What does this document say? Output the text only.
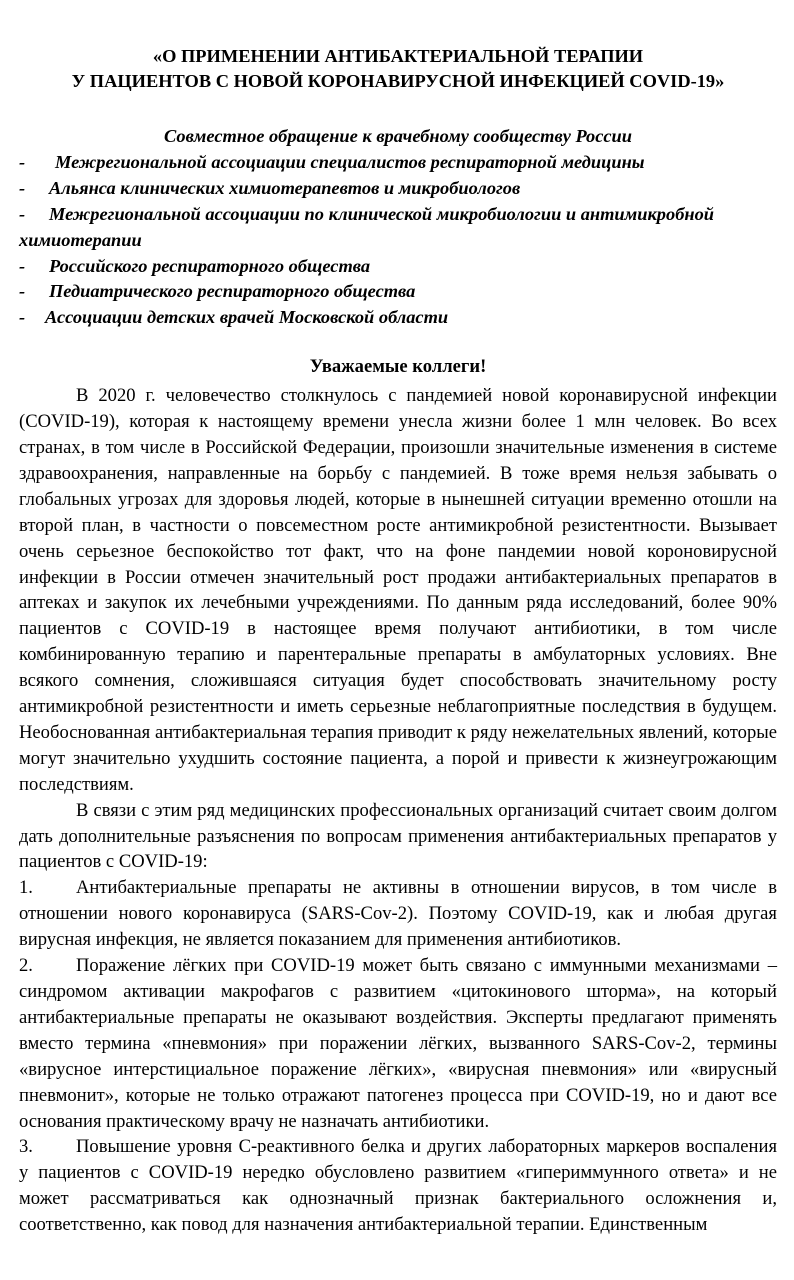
«О ПРИМЕНЕНИИ АНТИБАКТЕРИАЛЬНОЙ ТЕРАПИИ
У ПАЦИЕНТОВ С НОВОЙ КОРОНАВИРУСНОЙ ИНФЕКЦИЕЙ COVID-19»
Совместное обращение к врачебному сообществу России
- Межрегиональной ассоциации специалистов респираторной медицины
- Альянса клинических химиотерапевтов и микробиологов
- Межрегиональной ассоциации по клинической микробиологии и антимикробной химиотерапии
- Российского респираторного общества
- Педиатрического респираторного общества
- Ассоциации детских врачей Московской области
Уважаемые коллеги!

В 2020 г. человечество столкнулось с пандемией новой коронавирусной инфекции (COVID-19), которая к настоящему времени унесла жизни более 1 млн человек. Во всех странах, в том числе в Российской Федерации, произошли значительные изменения в системе здравоохранения, направленные на борьбу с пандемией. В тоже время нельзя забывать о глобальных угрозах для здоровья людей, которые в нынешней ситуации временно отошли на второй план, в частности о повсеместном росте антимикробной резистентности. Вызывает очень серьезное беспокойство тот факт, что на фоне пандемии новой короновирусной инфекции в России отмечен значительный рост продажи антибактериальных препаратов в аптеках и закупок их лечебными учреждениями. По данным ряда исследований, более 90% пациентов с COVID-19 в настоящее время получают антибиотики, в том числе комбинированную терапию и парентеральные препараты в амбулаторных условиях. Вне всякого сомнения, сложившаяся ситуация будет способствовать значительному росту антимикробной резистентности и иметь серьезные неблагоприятные последствия в будущем. Необоснованная антибактериальная терапия приводит к ряду нежелательных явлений, которые могут значительно ухудшить состояние пациента, а порой и привести к жизнеугрожающим последствиям.

В связи с этим ряд медицинских профессиональных организаций считает своим долгом дать дополнительные разъяснения по вопросам применения антибактериальных препаратов у пациентов с COVID-19:

1. Антибактериальные препараты не активны в отношении вирусов, в том числе в отношении нового коронавируса (SARS-Cov-2). Поэтому COVID-19, как и любая другая вирусная инфекция, не является показанием для применения антибиотиков.

2. Поражение лёгких при COVID-19 может быть связано с иммунными механизмами – синдромом активации макрофагов с развитием «цитокинового шторма», на который антибактериальные препараты не оказывают воздействия. Эксперты предлагают применять вместо термина «пневмония» при поражении лёгких, вызванного SARS-Cov-2, термины «вирусное интерстициальное поражение лёгких», «вирусная пневмония» или «вирусный пневмонит», которые не только отражают патогенез процесса при COVID-19, но и дают все основания практическому врачу не назначать антибиотики.

3. Повышение уровня С-реактивного белка и других лабораторных маркеров воспаления у пациентов с COVID-19 нередко обусловлено развитием «гипериммунного ответа» и не может рассматриваться как однозначный признак бактериального осложнения и, соответственно, как повод для назначения антибактериальной терапии. Единственным
